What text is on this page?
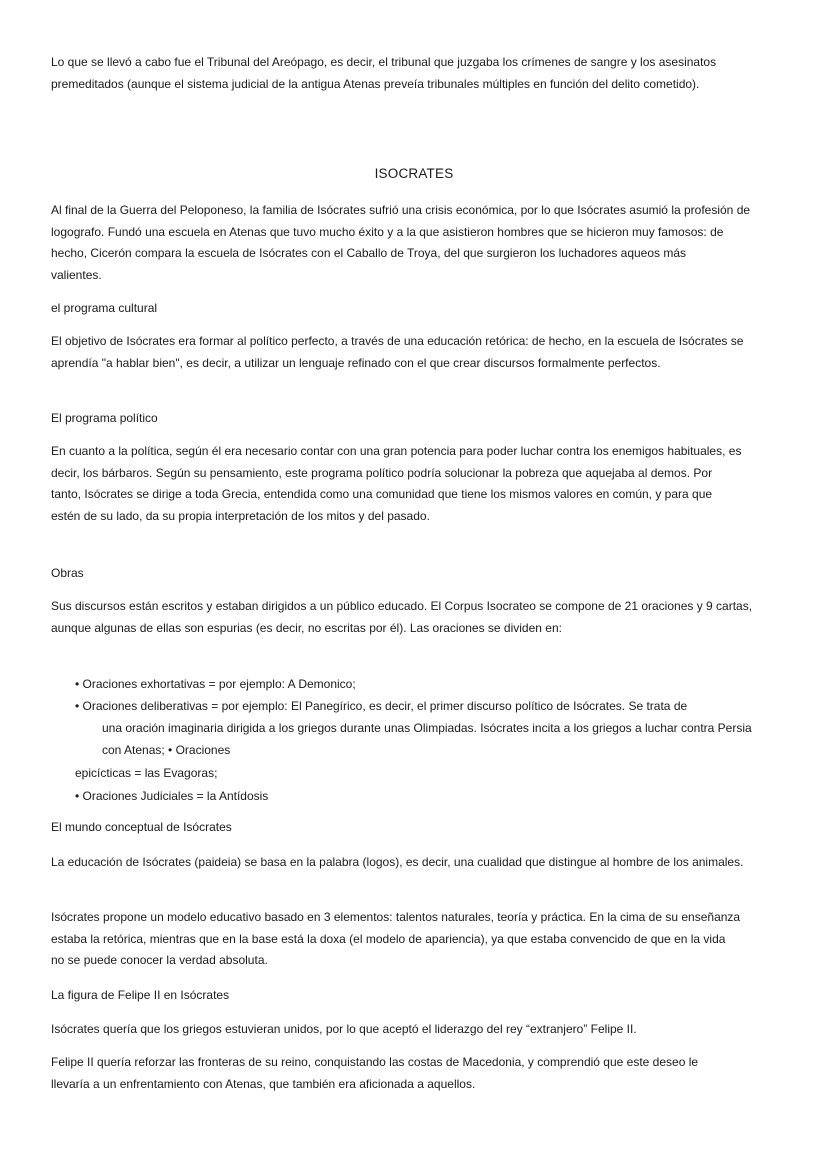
Lo que se llevó a cabo fue el Tribunal del Areópago, es decir, el tribunal que juzgaba los crímenes de sangre y los asesinatos
premeditados (aunque el sistema judicial de la antigua Atenas preveía tribunales múltiples en función del delito cometido).
ISOCRATES
Al final de la Guerra del Peloponeso, la familia de Isócrates sufrió una crisis económica, por lo que Isócrates asumió la profesión de
logografo. Fundó una escuela en Atenas que tuvo mucho éxito y a la que asistieron hombres que se hicieron muy famosos: de
hecho, Cicerón compara la escuela de Isócrates con el Caballo de Troya, del que surgieron los luchadores aqueos más
valientes.
el programa cultural
El objetivo de Isócrates era formar al político perfecto, a través de una educación retórica: de hecho, en la escuela de Isócrates se
aprendía "a hablar bien", es decir, a utilizar un lenguaje refinado con el que crear discursos formalmente perfectos.
El programa político
En cuanto a la política, según él era necesario contar con una gran potencia para poder luchar contra los enemigos habituales, es
decir, los bárbaros. Según su pensamiento, este programa político podría solucionar la pobreza que aquejaba al demos. Por
tanto, Isócrates se dirige a toda Grecia, entendida como una comunidad que tiene los mismos valores en común, y para que
estén de su lado, da su propia interpretación de los mitos y del pasado.
Obras
Sus discursos están escritos y estaban dirigidos a un público educado. El Corpus Isocrateo se compone de 21 oraciones y 9 cartas,
aunque algunas de ellas son espurias (es decir, no escritas por él). Las oraciones se dividen en:
• Oraciones exhortativas = por ejemplo: A Demonico;
• Oraciones deliberativas = por ejemplo: El Panegírico, es decir, el primer discurso político de Isócrates. Se trata de
una oración imaginaria dirigida a los griegos durante unas Olimpiadas. Isócrates incita a los griegos a luchar contra Persia
con Atenas; • Oraciones
epicícticas = las Evagoras;
• Oraciones Judiciales = la Antídosis
El mundo conceptual de Isócrates
La educación de Isócrates (paideia) se basa en la palabra (logos), es decir, una cualidad que distingue al hombre de los animales.
Isócrates propone un modelo educativo basado en 3 elementos: talentos naturales, teoría y práctica. En la cima de su enseñanza
estaba la retórica, mientras que en la base está la doxa (el modelo de apariencia), ya que estaba convencido de que en la vida
no se puede conocer la verdad absoluta.
La figura de Felipe II en Isócrates
Isócrates quería que los griegos estuvieran unidos, por lo que aceptó el liderazgo del rey “extranjero” Felipe II.
Felipe II quería reforzar las fronteras de su reino, conquistando las costas de Macedonia, y comprendió que este deseo le
llevaría a un enfrentamiento con Atenas, que también era aficionada a aquellos.
